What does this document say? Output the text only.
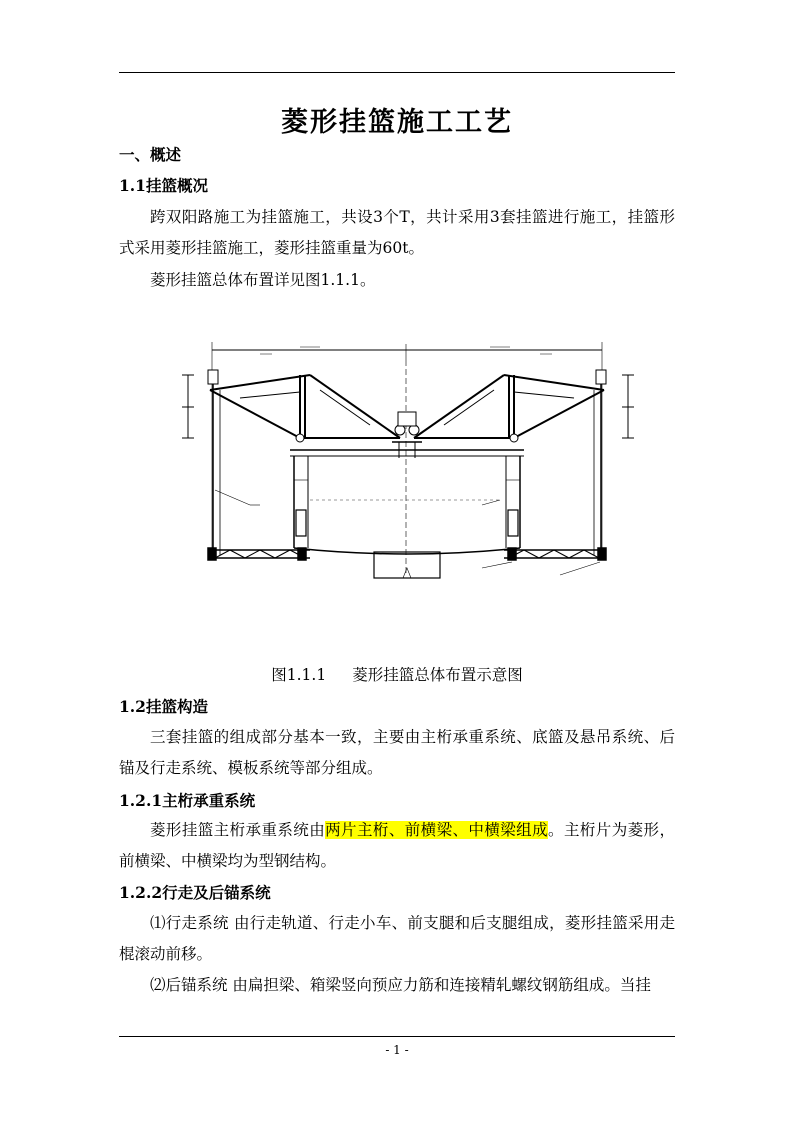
菱形挂篮施工工艺
一、概述
1.1挂篮概况
跨双阳路施工为挂篮施工，共设3个T，共计采用3套挂篮进行施工，挂篮形式采用菱形挂篮施工，菱形挂篮重量为60t。
菱形挂篮总体布置详见图1.1.1。
图1.1.1 菱形挂篮总体布置示意图
1.2挂篮构造
三套挂篮的组成部分基本一致，主要由主桁承重系统、底篮及悬吊系统、后锚及行走系统、模板系统等部分组成。
1.2.1主桁承重系统
菱形挂篮主桁承重系统由两片主桁、前横梁、中横梁组成。主桁片为菱形，前横梁、中横梁均为型钢结构。
1.2.2行走及后锚系统
⑴行走系统 由行走轨道、行走小车、前支腿和后支腿组成，菱形挂篮采用走棍滚动前移。
⑵后锚系统 由扁担梁、箱梁竖向预应力筋和连接精轧螺纹钢筋组成。当挂
- 1 -
